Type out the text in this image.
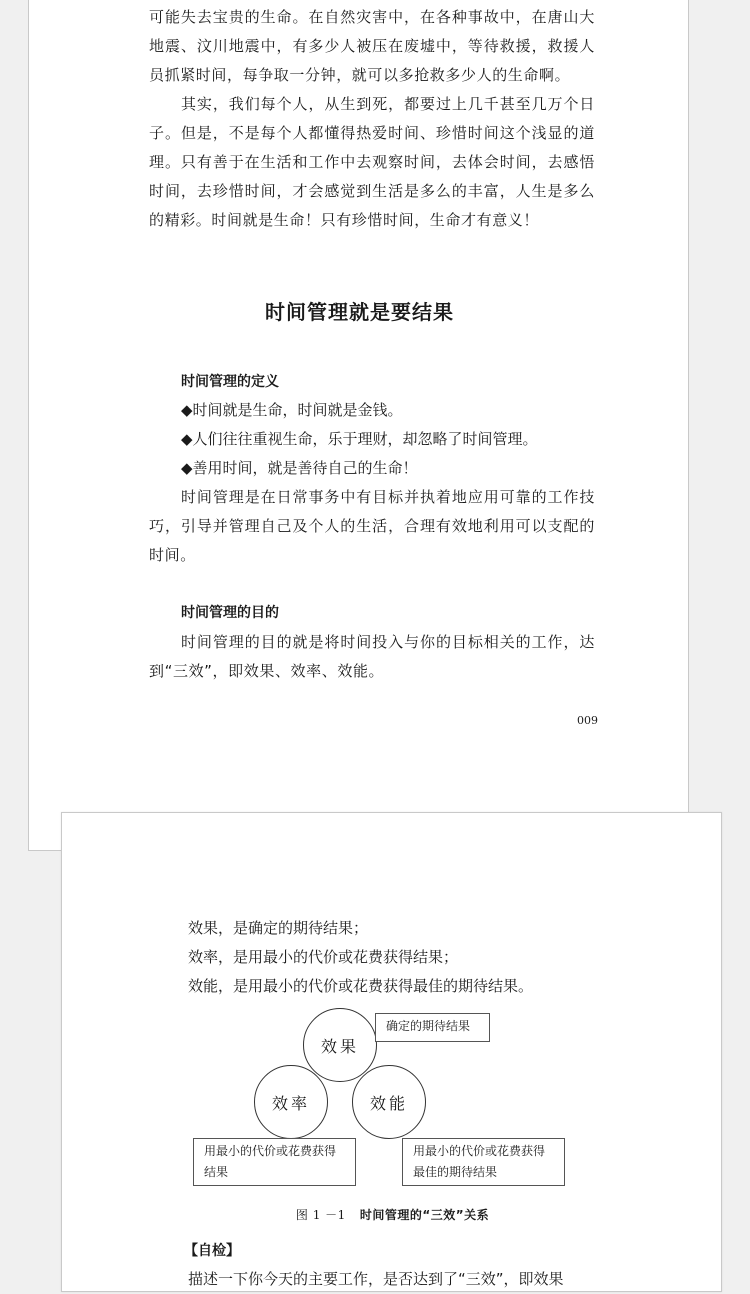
可能失去宝贵的生命。在自然灾害中，在各种事故中，在唐山大地震、汶川地震中，有多少人被压在废墟中，等待救援，救援人员抓紧时间，每争取一分钟，就可以多抢救多少人的生命啊。

其实，我们每个人，从生到死，都要过上几千甚至几万个日子。但是，不是每个人都懂得热爱时间、珍惜时间这个浅显的道理。只有善于在生活和工作中去观察时间，去体会时间，去感悟时间，去珍惜时间，才会感觉到生活是多么的丰富，人生是多么的精彩。时间就是生命！只有珍惜时间，生命才有意义！

时间管理就是要结果
时间管理的定义

◆时间就是生命，时间就是金钱。

◆人们往往重视生命，乐于理财，却忽略了时间管理。

◆善用时间，就是善待自己的生命！

时间管理是在日常事务中有目标并执着地应用可靠的工作技巧，引导并管理自己及个人的生活，合理有效地利用可以支配的时间。

时间管理的目的

时间管理的目的就是将时间投入与你的目标相关的工作，达到“三效”，即效果、效率、效能。

009

效果，是确定的期待结果；

效率，是用最小的代价或花费获得结果；

效能，是用最小的代价或花费获得最佳的期待结果。

效果
效率	效能
确定的期待结果
用最小的代价或花费获得结果
用最小的代价或花费获得最佳的期待结果

图 1 －1 时间管理的“三效”关系

【自检】

描述一下你今天的主要工作，是否达到了“三效”，即效果
